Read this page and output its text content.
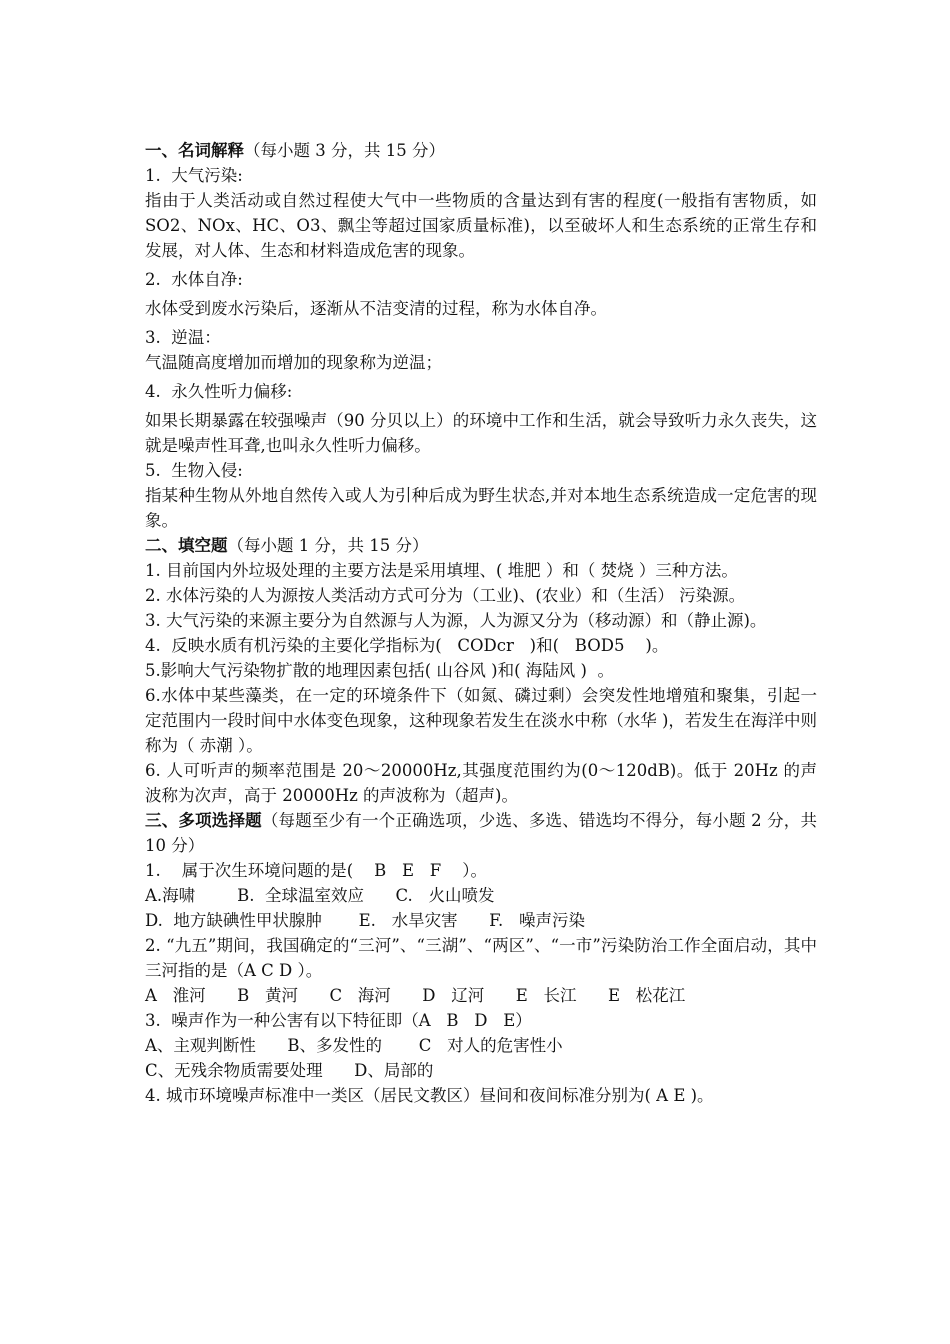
一、名词解释（每小题 3 分，共 15 分）

1.  大气污染:

指由于人类活动或自然过程使大气中一些物质的含量达到有害的程度(一般指有害物质，如 SO2、NOx、HC、O3、飘尘等超过国家质量标准)，以至破坏人和生态系统的正常生存和发展，对人体、生态和材料造成危害的现象。

2.  水体自净:

水体受到废水污染后，逐渐从不洁变清的过程，称为水体自净。

3.  逆温：

气温随高度增加而增加的现象称为逆温；

4.  永久性听力偏移:

如果长期暴露在较强噪声（90 分贝以上）的环境中工作和生活，就会导致听力永久丧失，这就是噪声性耳聋,也叫永久性听力偏移。

5.  生物入侵:

指某种生物从外地自然传入或人为引种后成为野生状态,并对本地生态系统造成一定危害的现象。

二、填空题（每小题 1 分，共 15 分）

1. 目前国内外垃圾处理的主要方法是采用填埋、( 堆肥 ）和（ 焚烧 ）三种方法。

2. 水体污染的人为源按人类活动方式可分为（工业)、(农业）和（生活） 污染源。

3. 大气污染的来源主要分为自然源与人为源，人为源又分为（移动源）和（静止源)。

4.  反映水质有机污染的主要化学指标为(   CODcr   )和(   BOD5    )。

5.影响大气污染物扩散的地理因素包括( 山谷风 )和( 海陆风 )  。

6.水体中某些藻类，在一定的环境条件下（如氮、磷过剩）会突发性地增殖和聚集，引起一定范围内一段时间中水体变色现象，这种现象若发生在淡水中称（水华 )，若发生在海洋中则称为（ 赤潮 ）。

6. 人可听声的频率范围是 20～20000Hz,其强度范围约为(0～120dB)。低于 20Hz 的声波称为次声，高于 20000Hz 的声波称为（超声)。

三、多项选择题（每题至少有一个正确选项，少选、多选、错选均不得分，每小题 2 分，共 10 分）

1.    属于次生环境问题的是(    B   E   F    ）。

A.海啸        B.  全球温室效应      C.   火山喷发

D.  地方缺碘性甲状腺肿       E.   水旱灾害      F.   噪声污染

2. “九五”期间，我国确定的“三河”、“三湖”、“两区”、“一市”污染防治工作全面启动，其中三河指的是（A C D ）。

A   淮河      B   黄河      C   海河      D   辽河      E   长江      E   松花江

3.  噪声作为一种公害有以下特征即（A   B   D   E）

A、主观判断性      B、多发性的       C   对人的危害性小

C、无残余物质需要处理      D、局部的

4. 城市环境噪声标准中一类区（居民文教区）昼间和夜间标准分别为( A E )。
